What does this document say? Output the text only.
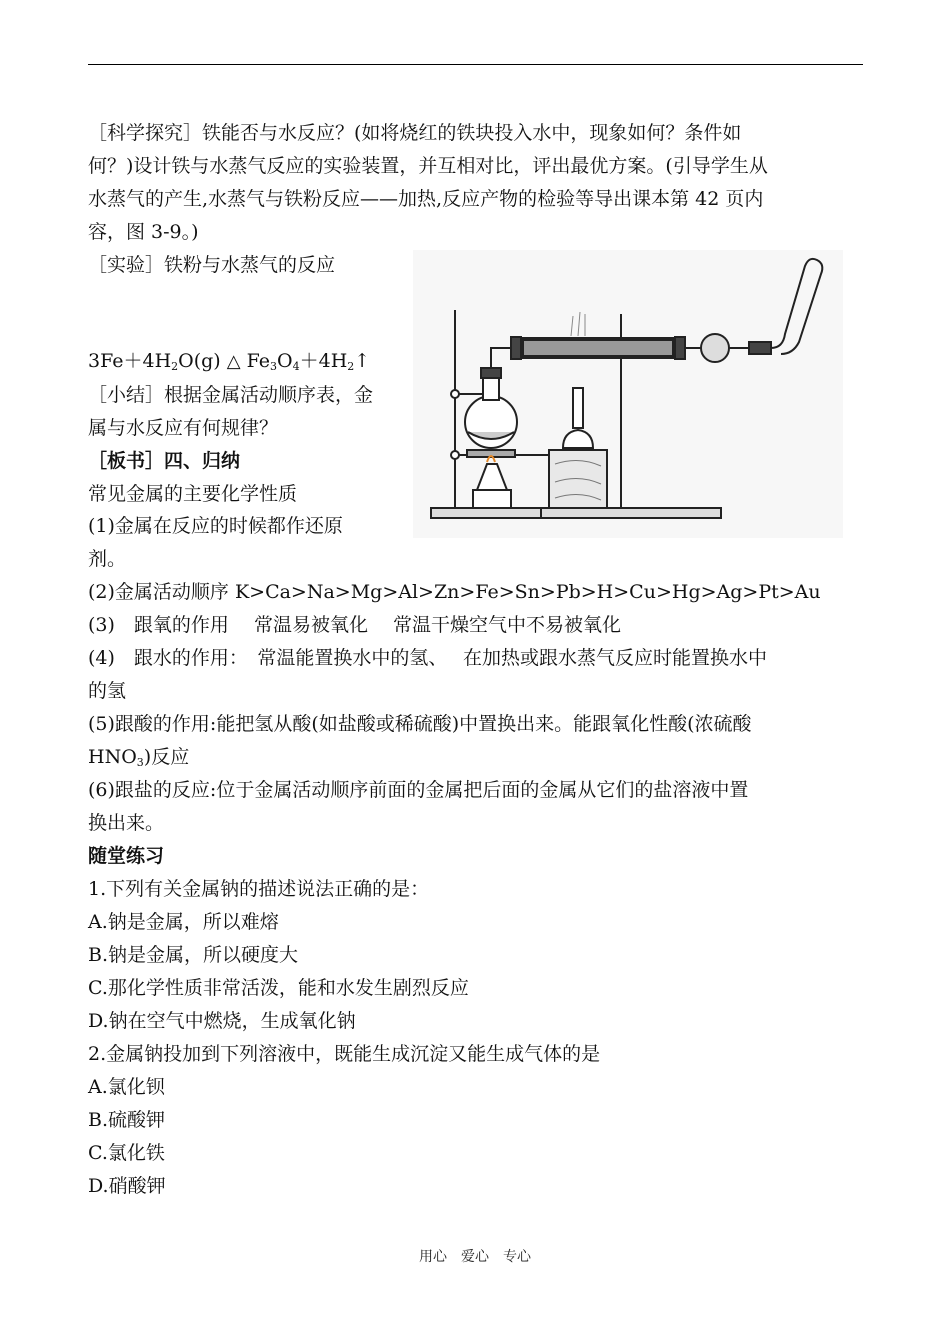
［科学探究］铁能否与水反应？(如将烧红的铁块投入水中，现象如何？条件如
何？)设计铁与水蒸气反应的实验装置，并互相对比，评出最优方案。(引导学生从
水蒸气的产生,水蒸气与铁粉反应——加热,反应产物的检验等导出课本第 42 页内
容，图 3-9。)
［实验］铁粉与水蒸气的反应
$3Fe+4H_2O(g)$ △ $Fe_3O_4+4H_2↑$
［小结］根据金属活动顺序表，金
属与水反应有何规律？
［板书］四、归纳
常见金属的主要化学性质
(1)金属在反应的时候都作还原
剂。
(2)金属活动顺序 K>Ca>Na>Mg>Al>Zn>Fe>Sn>Pb>H>Cu>Hg>Ag>Pt>Au
(3)　跟氧的作用　 常温易被氧化　 常温干燥空气中不易被氧化
(4)　跟水的作用：　常温能置换水中的氢、　 在加热或跟水蒸气反应时能置换水中
的氢
(5)跟酸的作用:能把氢从酸(如盐酸或稀硫酸)中置换出来。能跟氧化性酸(浓硫酸
$HNO_3$)反应
(6)跟盐的反应:位于金属活动顺序前面的金属把后面的金属从它们的盐溶液中置
换出来。
随堂练习
1.下列有关金属钠的描述说法正确的是：
A.钠是金属，所以难熔
B.钠是金属，所以硬度大
C.那化学性质非常活泼，能和水发生剧烈反应
D.钠在空气中燃烧，生成氧化钠
2.金属钠投加到下列溶液中，既能生成沉淀又能生成气体的是
A.氯化钡
B.硫酸钾
C.氯化铁
D.硝酸钾
用心　爱心　专心
